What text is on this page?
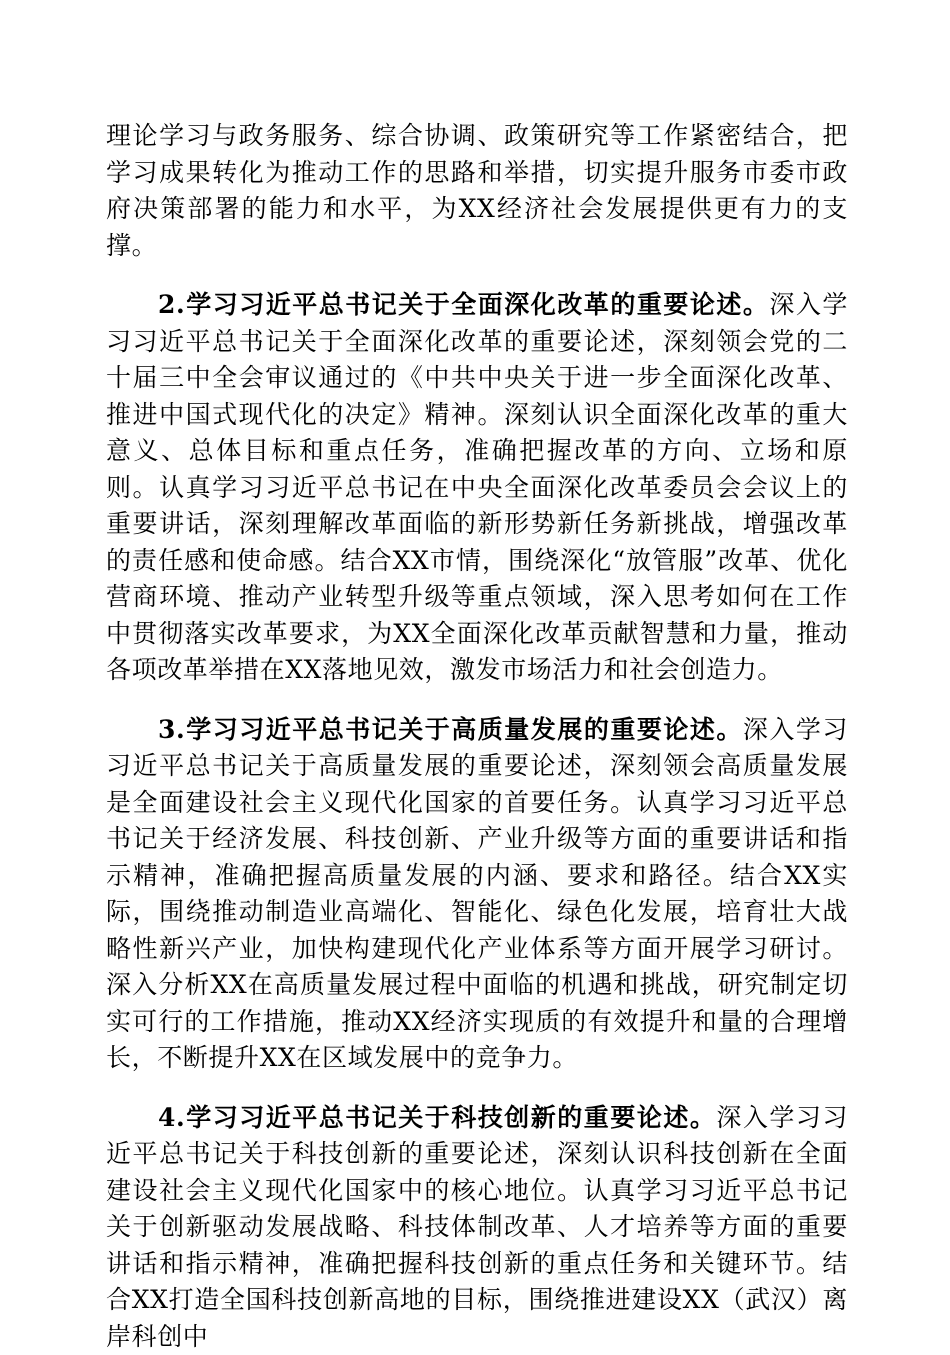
理论学习与政务服务、综合协调、政策研究等工作紧密结合，把学习成果转化为推动工作的思路和举措，切实提升服务市委市政府决策部署的能力和水平，为XX经济社会发展提供更有力的支撑。

2.学习习近平总书记关于全面深化改革的重要论述。深入学习习近平总书记关于全面深化改革的重要论述，深刻领会党的二十届三中全会审议通过的《中共中央关于进一步全面深化改革、推进中国式现代化的决定》精神。深刻认识全面深化改革的重大意义、总体目标和重点任务，准确把握改革的方向、立场和原则。认真学习习近平总书记在中央全面深化改革委员会会议上的重要讲话，深刻理解改革面临的新形势新任务新挑战，增强改革的责任感和使命感。结合XX市情，围绕深化“放管服”改革、优化营商环境、推动产业转型升级等重点领域，深入思考如何在工作中贯彻落实改革要求，为XX全面深化改革贡献智慧和力量，推动各项改革举措在XX落地见效，激发市场活力和社会创造力。

3.学习习近平总书记关于高质量发展的重要论述。深入学习习近平总书记关于高质量发展的重要论述，深刻领会高质量发展是全面建设社会主义现代化国家的首要任务。认真学习习近平总书记关于经济发展、科技创新、产业升级等方面的重要讲话和指示精神，准确把握高质量发展的内涵、要求和路径。结合XX实际，围绕推动制造业高端化、智能化、绿色化发展，培育壮大战略性新兴产业，加快构建现代化产业体系等方面开展学习研讨。深入分析XX在高质量发展过程中面临的机遇和挑战，研究制定切实可行的工作措施，推动XX经济实现质的有效提升和量的合理增长，不断提升XX在区域发展中的竞争力。

4.学习习近平总书记关于科技创新的重要论述。深入学习习近平总书记关于科技创新的重要论述，深刻认识科技创新在全面建设社会主义现代化国家中的核心地位。认真学习习近平总书记关于创新驱动发展战略、科技体制改革、人才培养等方面的重要讲话和指示精神，准确把握科技创新的重点任务和关键环节。结合XX打造全国科技创新高地的目标，围绕推进建设XX（武汉）离岸科创中
